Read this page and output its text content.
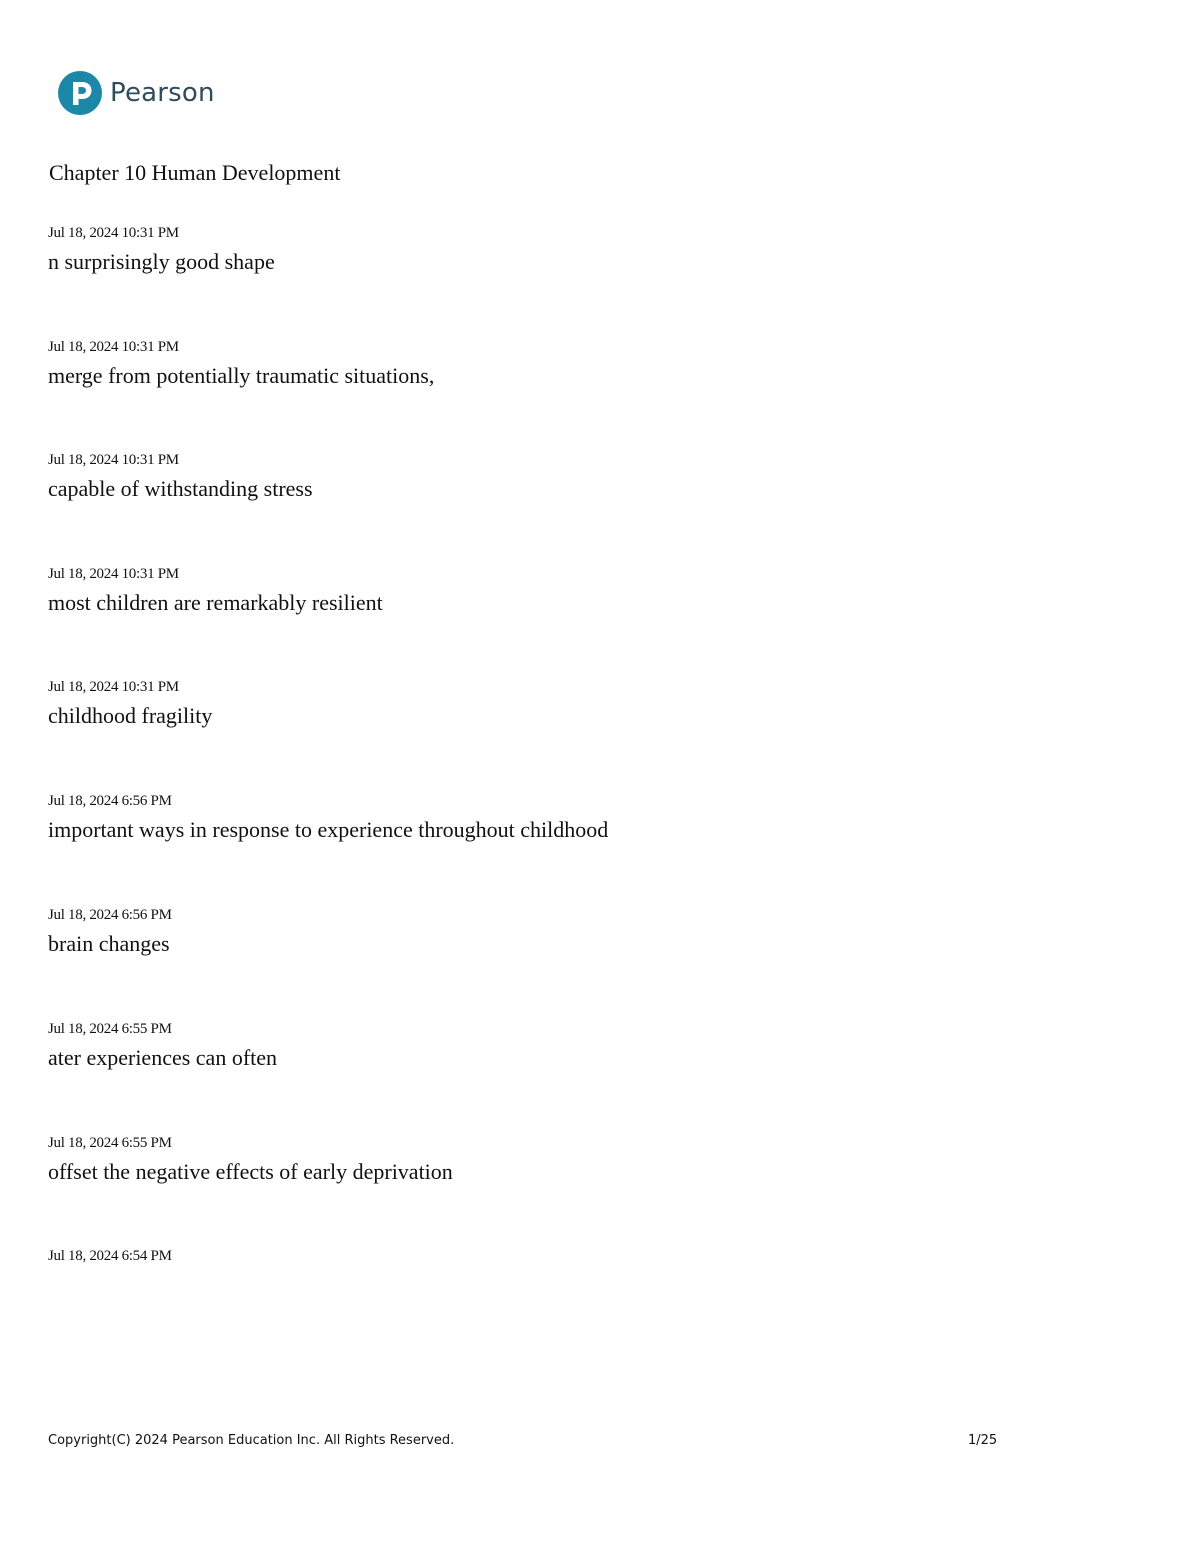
Pearson
Chapter 10 Human Development
Jul 18, 2024 10:31 PM
n surprisingly good shape
Jul 18, 2024 10:31 PM
merge from potentially traumatic situations,
Jul 18, 2024 10:31 PM
capable of withstanding stress
Jul 18, 2024 10:31 PM
most children are remarkably resilient
Jul 18, 2024 10:31 PM
childhood fragility
Jul 18, 2024 6:56 PM
important ways in response to experience throughout childhood
Jul 18, 2024 6:56 PM
brain changes
Jul 18, 2024 6:55 PM
ater experiences can often
Jul 18, 2024 6:55 PM
offset the negative effects of early deprivation
Jul 18, 2024 6:54 PM
Copyright(C) 2024 Pearson Education Inc. All Rights Reserved.	1/25
